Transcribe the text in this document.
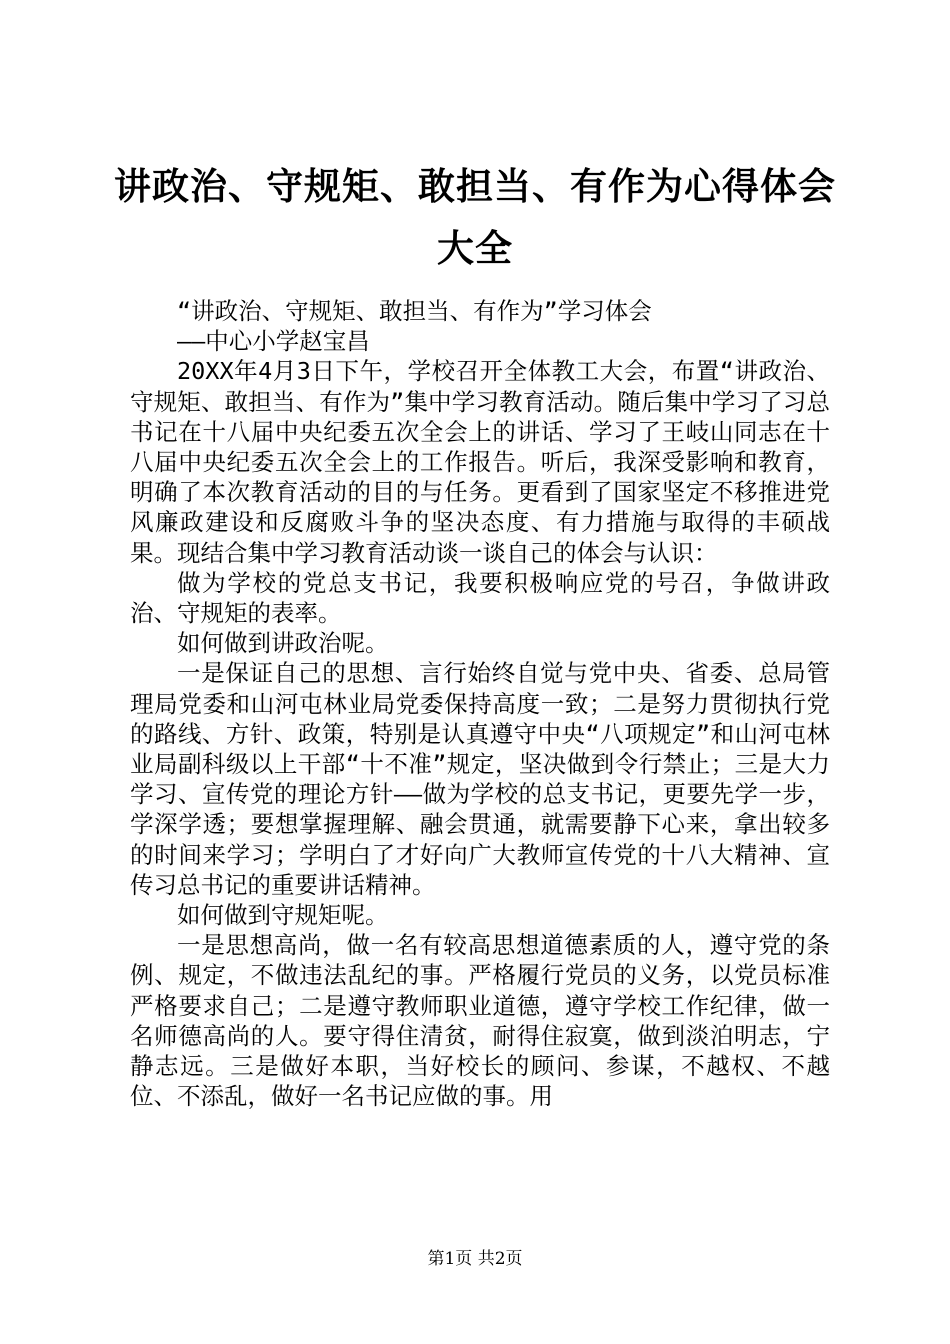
讲政治、守规矩、敢担当、有作为心得体会大全

“讲政治、守规矩、敢担当、有作为”学习体会

——中心小学赵宝昌

20XX年4月3日下午，学校召开全体教工大会，布置“讲政治、守规矩、敢担当、有作为”集中学习教育活动。随后集中学习了习总书记在十八届中央纪委五次全会上的讲话、学习了王岐山同志在十八届中央纪委五次全会上的工作报告。听后，我深受影响和教育，明确了本次教育活动的目的与任务。更看到了国家坚定不移推进党风廉政建设和反腐败斗争的坚决态度、有力措施与取得的丰硕战果。现结合集中学习教育活动谈一谈自己的体会与认识：

做为学校的党总支书记，我要积极响应党的号召，争做讲政治、守规矩的表率。

如何做到讲政治呢。

一是保证自己的思想、言行始终自觉与党中央、省委、总局管理局党委和山河屯林业局党委保持高度一致；二是努力贯彻执行党的路线、方针、政策，特别是认真遵守中央“八项规定”和山河屯林业局副科级以上干部“十不准”规定，坚决做到令行禁止；三是大力学习、宣传党的理论方针——做为学校的总支书记，更要先学一步，学深学透；要想掌握理解、融会贯通，就需要静下心来，拿出较多的时间来学习；学明白了才好向广大教师宣传党的十八大精神、宣传习总书记的重要讲话精神。

如何做到守规矩呢。

一是思想高尚，做一名有较高思想道德素质的人，遵守党的条例、规定，不做违法乱纪的事。严格履行党员的义务，以党员标准严格要求自己；二是遵守教师职业道德，遵守学校工作纪律，做一名师德高尚的人。要守得住清贫，耐得住寂寞，做到淡泊明志，宁静志远。三是做好本职，当好校长的顾问、参谋，不越权、不越位、不添乱，做好一名书记应做的事。用

第1页 共2页
